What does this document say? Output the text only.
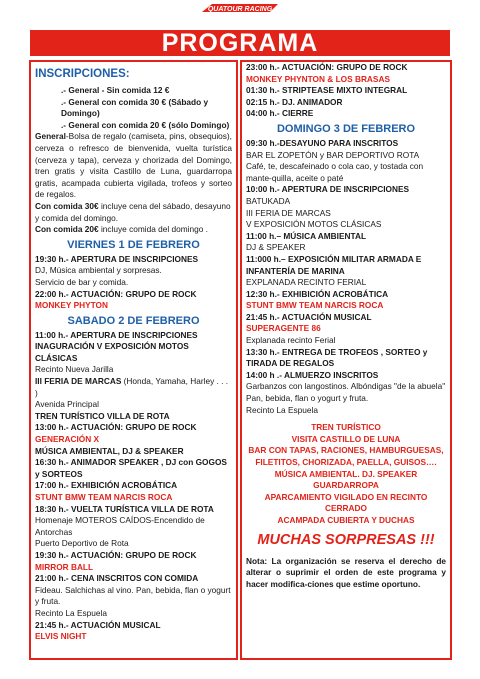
QUATOUR RACING
PROGRAMA
INSCRIPCIONES:

.- General - Sin comida 12 €

.- General con comida 30 € (Sábado y Domingo)

.- General con comida 20 € (sólo Domingo)

General-Bolsa de regalo (camiseta, pins, obsequios), cerveza o refresco de bienvenida, vuelta turística (cerveza y tapa), cerveza y chorizada del Domingo, tren gratis y visita Castillo de Luna, guardarropa gratis, acampada cubierta vigilada, trofeos y sorteo de regalos.

Con comida 30€ incluye cena del sábado, desayuno y comida del domingo.

Con comida 20€ incluye comida del domingo .

VIERNES 1 DE FEBRERO

19:30 h.- APERTURA DE INSCRIPCIONES

DJ, Música ambiental y sorpresas.

Servicio de bar y comida.

22:00 h.- ACTUACIÓN: GRUPO DE ROCK

MONKEY PHYTON

SABADO 2 DE FEBRERO

11:00 h.- APERTURA DE INSCRIPCIONES

INAGURACIÓN V EXPOSICIÓN MOTOS CLÁSICAS

Recinto Nueva Jarilla

III FERIA DE MARCAS (Honda, Yamaha, Harley . . . )

Avenida Principal

TREN TURÍSTICO VILLA DE ROTA

13:00 h.- ACTUACIÓN: GRUPO DE ROCK

GENERACIÓN X

MÚSICA AMBIENTAL, DJ & SPEAKER

16:30 h.- ANIMADOR SPEAKER , DJ con GOGOS y SORTEOS

17:00 h.- EXHIBICIÓN ACROBÁTICA

STUNT BMW TEAM NARCIS ROCA

18:30 h.- VUELTA TURÍSTICA VILLA DE ROTA

Homenaje MOTEROS CAÍDOS-Encendido de Antorchas

Puerto Deportivo de Rota

19:30 h.- ACTUACIÓN: GRUPO DE ROCK

MIRROR BALL

21:00 h.- CENA INSCRITOS CON COMIDA

Fideau. Salchichas al vino. Pan, bebida, flan o yogurt y fruta.

Recinto La Espuela

21:45 h.- ACTUACIÓN MUSICAL

ELVIS NIGHT

23:00 h.- ACTUACIÓN: GRUPO DE ROCK

MONKEY PHYNTON & LOS BRASAS

01:30 h.- STRIPTEASE MIXTO INTEGRAL

02:15 h.- DJ. ANIMADOR

04:00 h.- CIERRE

DOMINGO 3 DE FEBRERO

09:30 h.-DESAYUNO PARA INSCRITOS

BAR EL ZOPETÓN y BAR DEPORTIVO ROTA

Café, te, descafeinado o cola cao, y tostada con mante-quilla, aceite o paté

10:00 h.- APERTURA DE INSCRIPCIONES

BATUKADA

III FERIA DE MARCAS

V EXPOSICIÓN MOTOS CLÁSICAS

11:00 h.– MÚSICA AMBIENTAL

DJ & SPEAKER

11:000 h.– EXPOSICIÓN MILITAR ARMADA E INFANTERÍA DE MARINA

EXPLANADA RECINTO FERIAL

12:30 h.- EXHIBICIÓN ACROBÁTICA

STUNT BMW TEAM NARCIS ROCA

21:45 h.- ACTUACIÓN MUSICAL

SUPERAGENTE 86

Explanada recinto Ferial

13:30 h.- ENTREGA DE TROFEOS , SORTEO y TIRADA DE REGALOS

14:00 h .- ALMUERZO INSCRITOS

Garbanzos con langostinos. Albóndigas "de la abuela" Pan, bebida, flan o yogurt y fruta.

Recinto La Espuela

TREN TURÍSTICO

VISITA CASTILLO DE LUNA

BAR CON TAPAS, RACIONES, HAMBURGUESAS,

FILETITOS, CHORIZADA, PAELLA, GUISOS….

MÚSICA AMBIENTAL. DJ. SPEAKER

GUARDARROPA

APARCAMIENTO VIGILADO EN RECINTO CERRADO

ACAMPADA CUBIERTA Y DUCHAS

MUCHAS SORPRESAS !!!

Nota: La organización se reserva el derecho de alterar o suprimir el orden de este programa y hacer modifica-ciones que estime oportuno.
